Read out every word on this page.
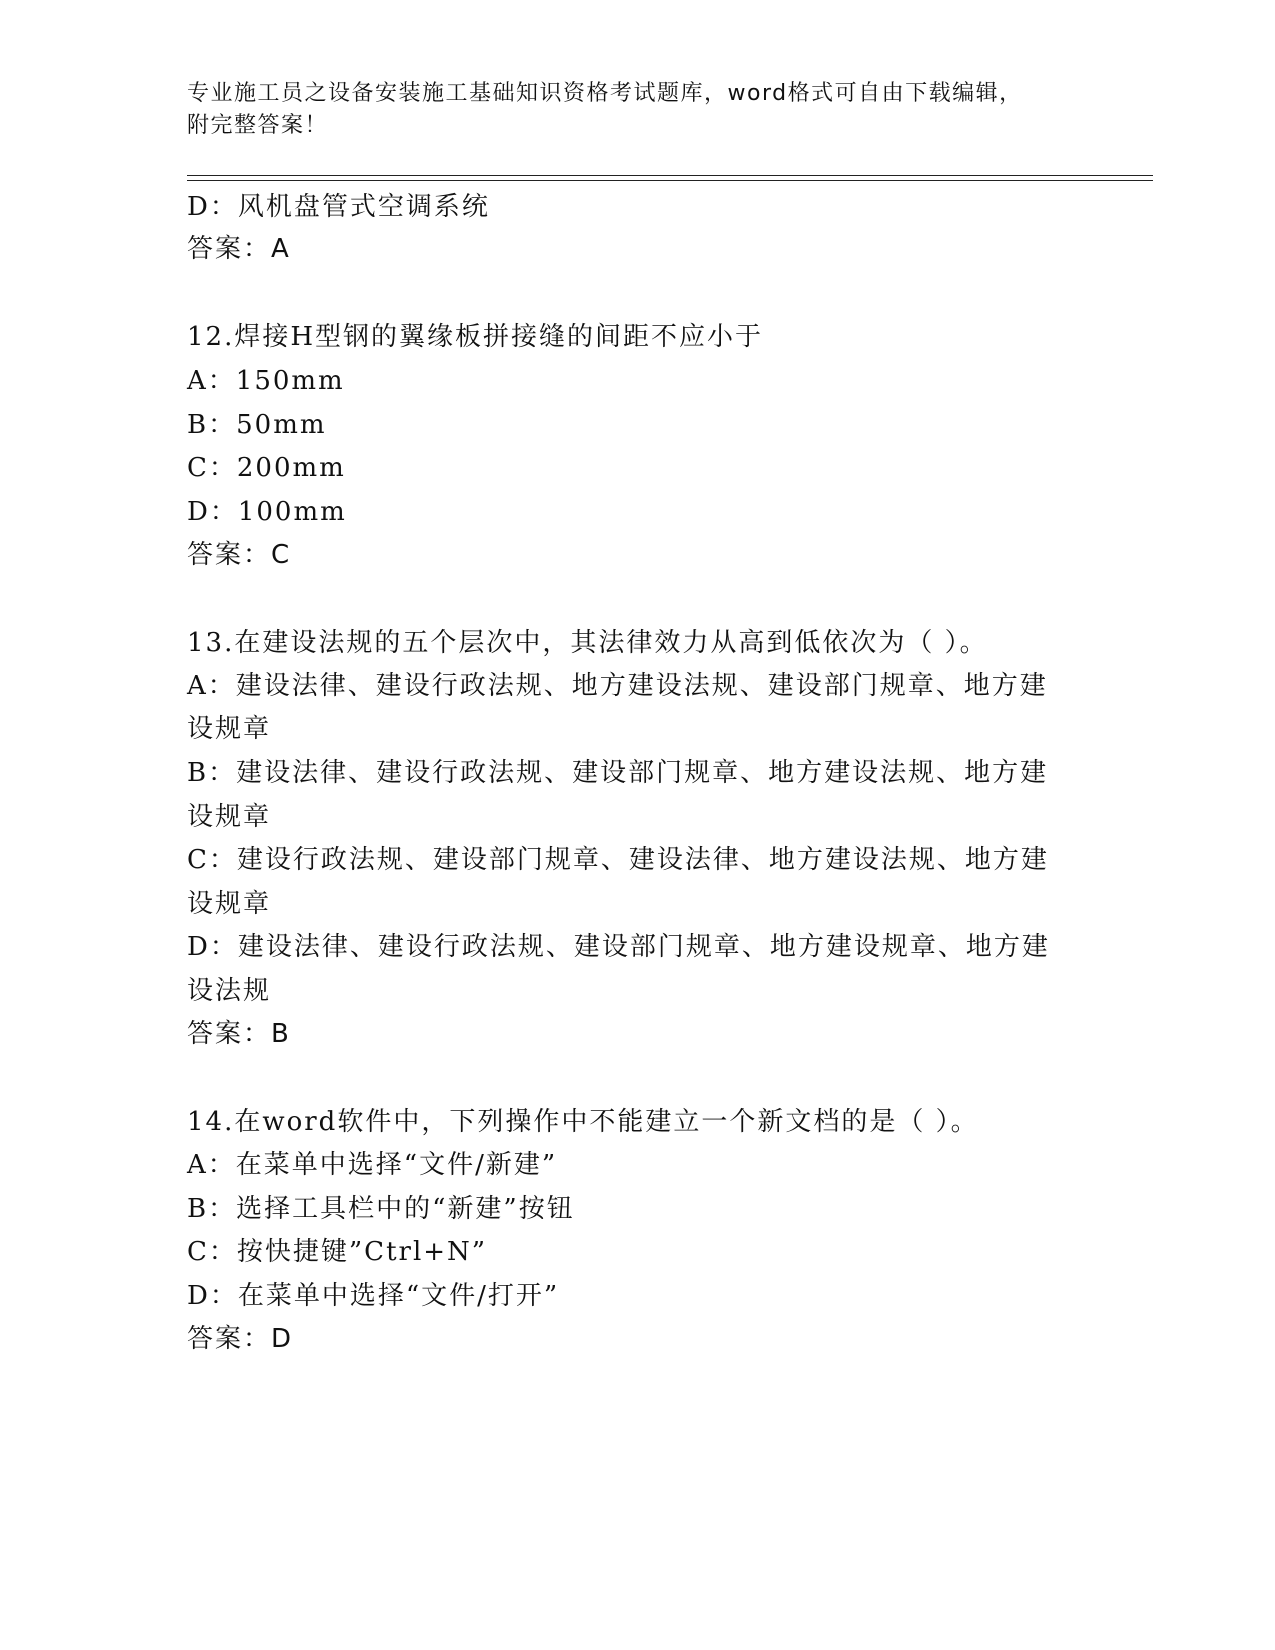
专业施工员之设备安装施工基础知识资格考试题库，word格式可自由下载编辑，
附完整答案！
D：风机盘管式空调系统
答案：A
12.焊接H型钢的翼缘板拼接缝的间距不应小于
A：150mm
B：50mm
C：200mm
D：100mm
答案：C
13.在建设法规的五个层次中，其法律效力从高到低依次为（ ）。
A：建设法律、建设行政法规、地方建设法规、建设部门规章、地方建
设规章
B：建设法律、建设行政法规、建设部门规章、地方建设法规、地方建
设规章
C：建设行政法规、建设部门规章、建设法律、地方建设法规、地方建
设规章
D：建设法律、建设行政法规、建设部门规章、地方建设规章、地方建
设法规
答案：B
14.在word软件中，下列操作中不能建立一个新文档的是（ ）。
A：在菜单中选择“文件/新建”
B：选择工具栏中的“新建”按钮
C：按快捷键”Ctrl+N”
D：在菜单中选择“文件/打开”
答案：D
